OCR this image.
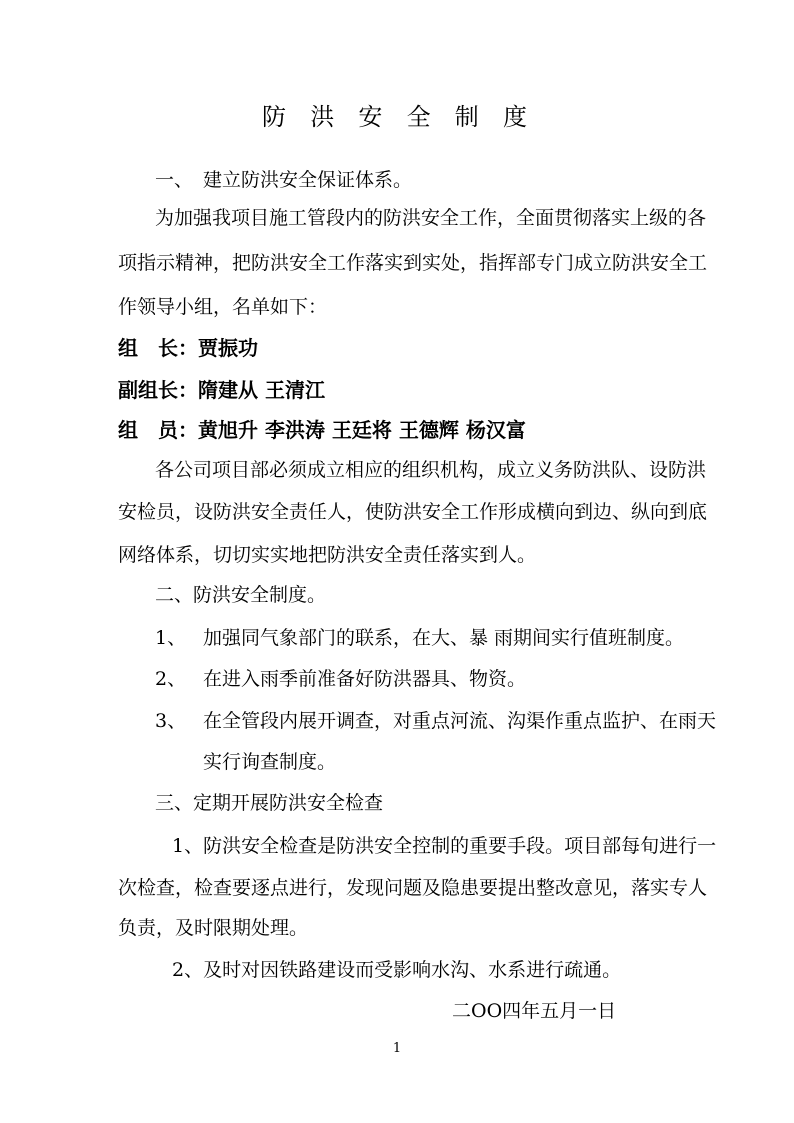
防 洪 安 全 制 度
一、 建立防洪安全保证体系。
为加强我项目施工管段内的防洪安全工作，全面贯彻落实上级的各
项指示精神，把防洪安全工作落实到实处，指挥部专门成立防洪安全工
作领导小组，名单如下：
组　长：贾振功
副组长：隋建从 王清江
组　员：黄旭升 李洪涛 王廷将 王德辉 杨汉富
各公司项目部必须成立相应的组织机构，成立义务防洪队、设防洪
安检员，设防洪安全责任人，使防洪安全工作形成横向到边、纵向到底
网络体系，切切实实地把防洪安全责任落实到人。
二、防洪安全制度。
1、 加强同气象部门的联系，在大、暴 雨期间实行值班制度。
2、 在进入雨季前准备好防洪器具、物资。
3、 在全管段内展开调查，对重点河流、沟渠作重点监护、在雨天
实行询查制度。
三、定期开展防洪安全检查
1、防洪安全检查是防洪安全控制的重要手段。项目部每旬进行一
次检查，检查要逐点进行，发现问题及隐患要提出整改意见，落实专人
负责，及时限期处理。
2、及时对因铁路建设而受影响水沟、水系进行疏通。
二OO四年五月一日
1
